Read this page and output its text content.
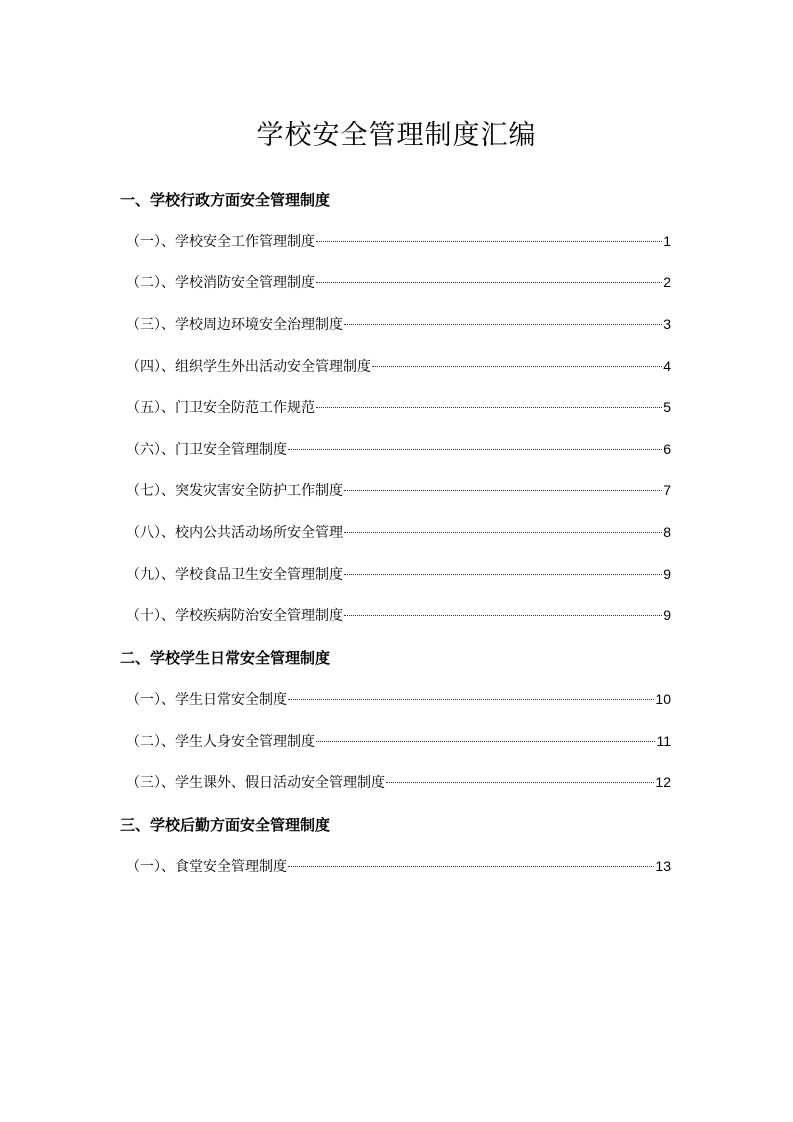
学校安全管理制度汇编
一、学校行政方面安全管理制度
（一）、学校安全工作管理制度	1
（二）、学校消防安全管理制度	2
（三）、学校周边环境安全治理制度	3
（四）、组织学生外出活动安全管理制度	4
（五）、门卫安全防范工作规范	5
（六）、门卫安全管理制度	6
（七）、突发灾害安全防护工作制度	7
（八）、校内公共活动场所安全管理	8
（九）、学校食品卫生安全管理制度	9
（十）、学校疾病防治安全管理制度	9
二、学校学生日常安全管理制度
（一）、学生日常安全制度	10
（二）、学生人身安全管理制度	11
（三）、学生课外、假日活动安全管理制度	12
三、学校后勤方面安全管理制度
（一）、食堂安全管理制度	13
